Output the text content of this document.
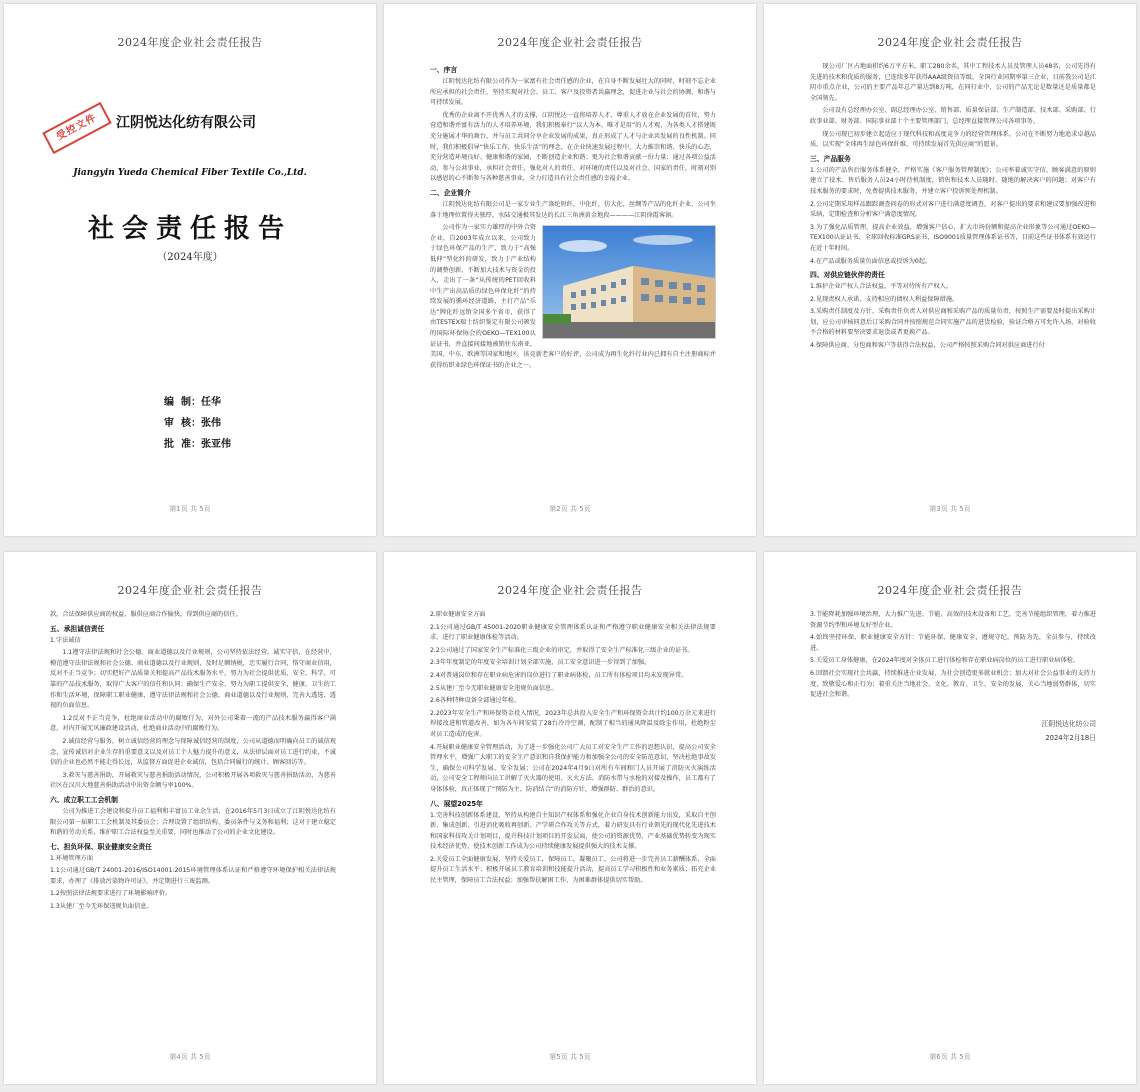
2024年度企业社会责任报告
受控文件	江阴悦达化纺有限公司
Jiangyin Yueda Chemical Fiber Textile Co.,Ltd.
社会责任报告
（2024年度）
编  制：任华
审  核：张伟
批  准：张亚伟
第1页 共 5页
2024年度企业社会责任报告
一、序言

江阴悦达化纺有限公司作为一家富有社会责任感的企业，在自身不断发展壮大的同时，时刻不忘企业所应承担的社会责任，坚持实现对社会、员工、客户及投资者共赢理念，促进企业与社会的协调、和谐与可持续发展。

优秀的企业离不开优秀人才的支撑，江阴悦达一直将培养人才、尊重人才放在企业发展的首位，努力营造和谐并富有活力的人才培养环境，我们积极奉行“以人为本，唯才是用”的人才观，为各类人才搭建既充分施展才华的舞台，并与员工共同分享企业发展的成果，真正形成了人才与企业共发展的良性机制。同时，我们积极倡导“快乐工作，快乐生活”的理念，在企业快速发展过程中，大力推崇和谐、快乐的心态，充分营造环境良好、健康和谐的家园，不断创造企业和谐；更为社会和谐贡献一份力量；通过各项公益活动，参与公共事业，承担社会责任，强化对人的责任、对环境的责任以及对社会、国家的责任，时刻对别以感恩的心不断参与各种慈善事业，全力打造具有社会责任感的幸福企业。

二、企业简介

江阴悦达化纺有限公司是一家专业生产涤纶短纤，中化纤，仿大化，丝绸等产品的化纤企业，公司坐落于地理位置得天独厚、水陆交通极其发达的长江三角洲黄金地段————江阴徐霞客镇。

公司作为一家实力雄厚的中外合资企业，自2003年成立以来，公司致力于绿色环保产品的生产，致力于“高强低伸”型化纤的研发，致力于产业结构的调整创新，不断加大技术与资金的投入，走出了一条“从传统的PET回收料中生产出高品质的绿色环保化纤”的持续发展的循环经济道路，主打产品“乐达”牌化纤远销全国多个省市，获得了由TESTEX瑞士纺织鉴定有限公司颁发的国际环保协会的OEKO—TEX100认证证书，并直接间接地被销往东南亚、美国、中东、欧洲等国家和地区，该竞新老客户的好评，公司成为再生化纤行业内已拥有自主注册商标并获得纺织业绿色环保证书的企业之一。

第2页 共 5页
2024年度企业社会责任报告

现公司厂区占地面积约6万平方米，职工280余名，其中工程技术人员及管理人员48名，公司先得有先进的技术和优质的服务，已连续多年获得AAA级资信等级，全国行业同期率第三企业，目前我公司是江阴市重点企业，公司的主要产品年总产量达到8万吨，在同行业中，公司的产品无论是数量还是质量都是全国领先。

公司设有总经理办公室、副总经理办公室、销售部、质量保证部、生产制造部、技术部、采购部、行政事业部、财务部、国际事业部十个主要管理部门，总经理直接管理公司各项事务。

现公司现已初步建立起适应于现代科技和高度竞争力的经营管理体系，公司在不断努力地追求卓越品质，以实现“全球再生绿色环保纤维、可持续发展首先供应商”的愿景。

三、产品服务

1.公司的产品售后服务体系健全，严格实施《客户服务管理制度》；公司率着诚实守信、顾客满意的原则建立了技术、售后服务人员24小时待机制度，销售和技术人员随时、随地的解决客户的问题；对客户有技术服务的要求时，免费提供技术服务，并建立客户投诉预处理机制。

2.公司定期采用样品跟踪调查问卷的形式对客户进行满意度调查，对客户提出的要求和建议要加强改进和采纳，定期检查和分析客户满意度情况。

3.为了强化品质管理，提高企业效益，增强客户信心，扩大市场份额和提高企业形象等公司通过OEKO—TEX100认证证书、全球回收标准GRS证书、ISO9001质量管理体系证书等，目前这些证书体系有效运行在近十年时间。

4.在产品或服务质量负面信息或投诉为0起。

四、对供应链伙伴的责任

1.维护企业产权人合法权益，平等对待所有产权人。

2.见现责权人承诺，支持相应的债权人利益保障措施。

3.采购责任制度及方针，采购责任负责人对供应商和采购产品的质量负责，按照生产需要及时提出采购计划，应公司审核同意后订采购合同并按照规范合同实施产品的进货检验，验证合格方可允许入场，对验收不合格的材料要坚决要求退货或者更换产品。

4.保障供应商、分包商和客户等获得合法权益，公司严格按照采购合同对供应商进行付

第3页 共 5页
2024年度企业社会责任报告

款，合法保障供应商的权益，服供应商合作愉快，得到供应商的信任。

五、承担诚信责任

1.守法诚信

1.1遵守法律法规和社会公德、商业道德以及行业规则，公司坚持依法经营，诚实守信，在经营中，模范遵守法律法规和社会公德、商业道德以及行业规则，及时足额纳税，忠实履行合同，恪守商业信用，反对不正当竞争；切实把好产品质量关和提高产品技术服务水平，努力为社会提供优质、安全、科学、可靠的产品技术服务，取得广大客户的信任和认同；确保生产安全，努力为职工提供安全、健康、卫生的工作和生活环境，保障职工职业健康，遵守法律法规和社会公德、商业道德以及行业规则，完善大透选、透视的负面信息。

1.2反对不正当竞争，杜绝商业活动中的腐败行为，对外公司秉着一流的产品技术服务赢得客户满意，对内开展无风廉政建设活动，杜绝商业活动中的腐败行为。

2.诚信经营与服务，树立诚信经营的理念与保障诚信经营的制度，公司从道德而明确向员工的诚信观念，宣传诚信对企业生存的重要意义以及对员工个人魅力提升的意义，从法律层面对员工进行约束，不诚信的企业也必然不能走得长远，从监督方面促进企业诚信，包括合同履行的统计、顾客回访等。

3.救灾与慈善捐助，开展救灾与慈善捐助活动情况，公司积极开展各项救灾与慈善捐助活动，为慈善社区在汉川大地慈善捐助活动中出资金额与率100%。

六、成立职工工会机制

公司为推进工会建设和提升员工福利和丰富员工业余生活，在2016年5月3日成立了江阴悦达化纺有限公司第一届职工工会机制及其委员会；合理设置了组织结构、委员条件与义务和福利；这对于建立稳定和谐的劳动关系，维护职工合法权益至关重要，同时也推动了公司的企业文化建设。

七、担负环保、职业健康安全责任

1.环境管理方面

1.1公司通过GB/T 24001-2016/ISO14001:2015环境管理体系认证和严格遵守环境保护相关法律法规要求，办理了《排放污染物许可证》，并定期进行三废监测。

1.2按照法律法规要求进行了环境影响评价。

1.3从建厂至今无环保违规负面信息。

第4页 共 5页
2024年度企业社会责任报告

2.职业健康安全方面

2.1公司通过GB/T 45001-2020职业健康安全管理体系认证和严格遵守职业健康安全相关法律法规要求，进行了职业健康体检等活动。

2.2公司通过了国家安全生产标准化三级企业的审定，并取得了安全生产标准化三级企业的证书。

2.3年年度制定的年度安全培训计划全部实施，员工安全意识进一步得到了加强。

2.4对普通岗位和存在职业病危害的岗位进行了职业病体检，员工所有体检项目均未发现异常。

2.5从建厂至今无职业健康安全违规负面信息。

2.6各种特种设备全部通过年检。

2.2023年安全生产和环保资金投入情况，2023年总共投入安全生产和环保资金共计约100万余元来进行焊接改进和管道改善，如为各车间安装了28台冷冷空调，配制了相当的通风降温及除尘作用，杜绝粉尘对员工造成的危害。

4.开展职业健康安全管理活动，为了进一步强化公司广大员工对安全生产工作的思想认识，提高公司安全管理水平，增强广大职工的安全生产意识和自我保护能力和加强全公司的安全防范意识，坚决杜绝事故发生，确保公司科学发展、安全发展；公司在2024年4月9日对所有车间和门人员开展了消防灭火演练活动，公司安全工程师向员工讲解了灭火器的使用、灭火方法、消防水带与水枪的对接及操作，员工都有了身体体验，真正体现了“预防为主，防消结合”的消防方针，增强群防、群治的意识。

八、展望2025年

1.完善科技创新体系建设，坚持从构建自主知识产权体系和强化企业自身技术创新能力出发，采取自主创新、集成创新、引进消化吸收再创新、产学研合作攻关等方式，着力研发具有行业领先的现代化先进技术和国家科技攻关计划项目，提升科技计划项目的开发层面，使公司的资源优势、产业基础优势转变为现实技术经济优势，使技术创新工作成为公司持续健康发展提供强大的技术支撑。

2.关爱员工全面健康发展，坚持关爱员工，保障员工，凝聚员工，公司将进一步完善员工薪酬体系，全面提升员工生活水平；积极开展员工教育培训和技能提升活动，提高员工学习积极性和业务素质；拓充企业民主管理，保障员工合法权益；加强帮扶解困工作，为困难群体提供切实帮助。

第5页 共 5页
2024年度企业社会责任报告

3.节能降耗加强环境治理，大力推广先进、节能、高效的技术设备和工艺，完善节能组织管理，着力推进资源节约型和环境友好型企业。

4.始终坚持环保、职业健康安全方针：节能环保、健康安全，遵规守纪，预防为先，全员参与，持续改进。

5.关爱员工身体健康，在2024年度对全体员工进行体检和存在职业病岗位的员工进行职业病体检。

6.回馈社会实现社会共赢，持续推进企业发展，为社会创造更多就业机会；加大对社会公益事业的支持力度，致敬爱心和正行为；着重关注当地社会、文化、教育、卫生、安全的发展，关心当地弱势群体，切实促进社会和谐。

江阴悦达化纺公司
2024年2月18日
第6页 共 5页
